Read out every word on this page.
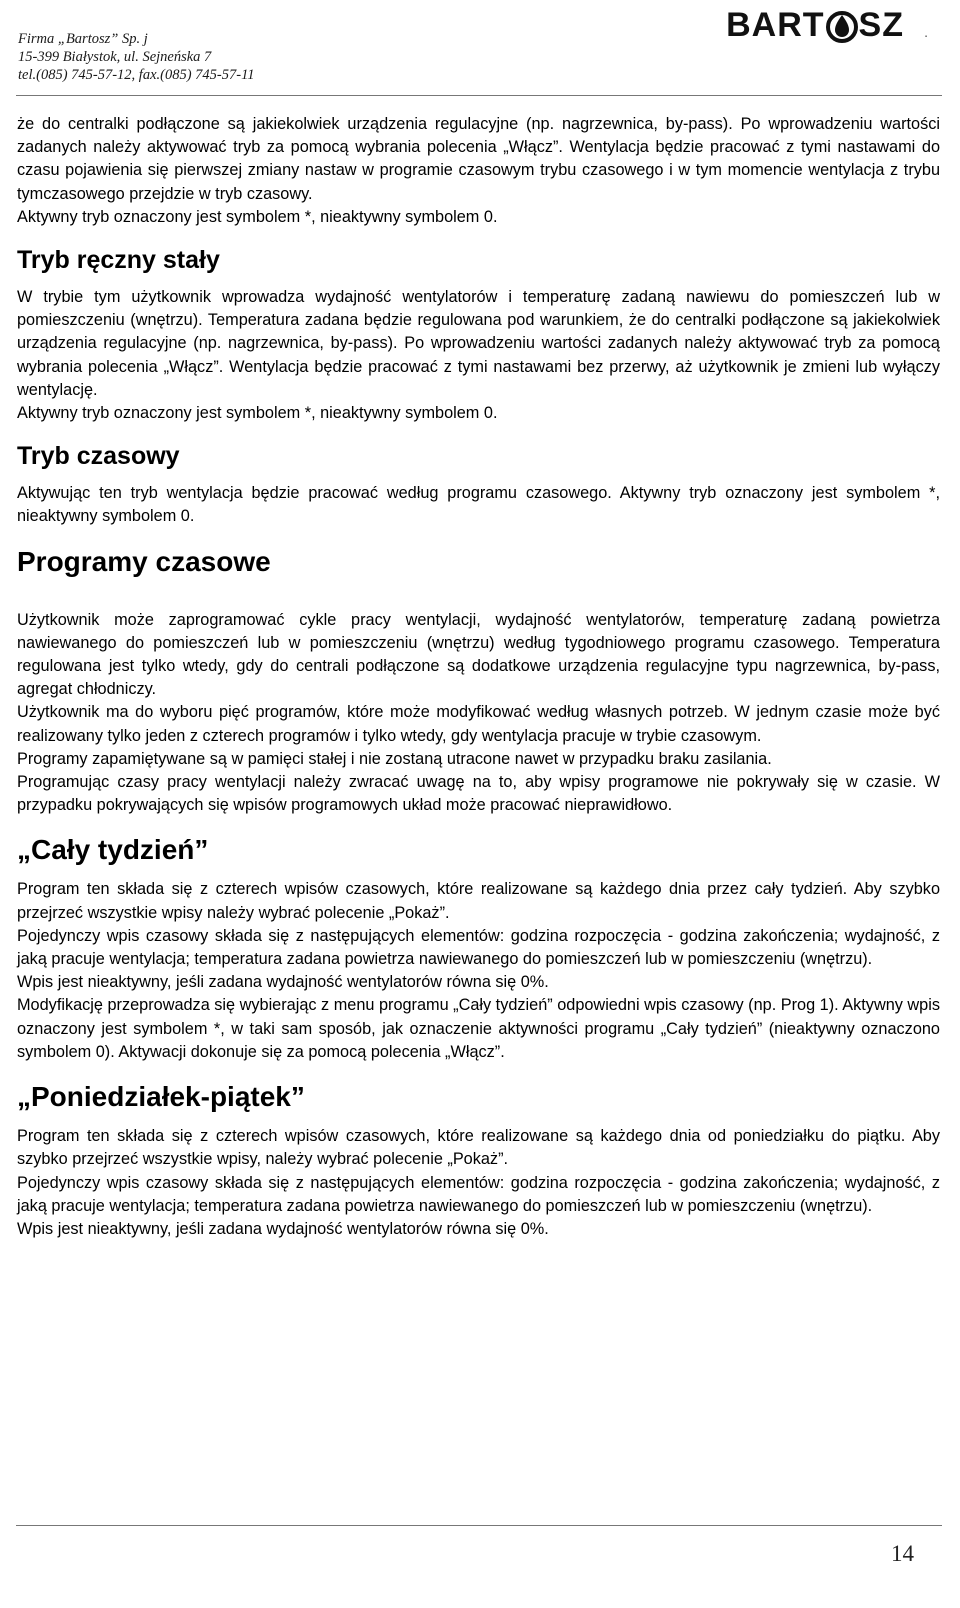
Firma „Bartosz” Sp. j
15-399 Białystok, ul. Sejneńska 7
tel.(085) 745-57-12, fax.(085) 745-57-11
BART SZ .

że do centralki podłączone są jakiekolwiek urządzenia regulacyjne (np. nagrzewnica, by-pass). Po wprowadzeniu wartości zadanych należy aktywować tryb za pomocą wybrania polecenia „Włącz”. Wentylacja będzie pracować z tymi nastawami do czasu pojawienia się pierwszej zmiany nastaw w programie czasowym trybu czasowego i w tym momencie wentylacja z trybu tymczasowego przejdzie w tryb czasowy.

Aktywny tryb oznaczony jest symbolem *, nieaktywny symbolem 0.

Tryb ręczny stały

W trybie tym użytkownik wprowadza wydajność wentylatorów i temperaturę zadaną nawiewu do pomieszczeń lub w pomieszczeniu (wnętrzu). Temperatura zadana będzie regulowana pod warunkiem, że do centralki podłączone są jakiekolwiek urządzenia regulacyjne (np. nagrzewnica, by-pass). Po wprowadzeniu wartości zadanych należy aktywować tryb za pomocą wybrania polecenia „Włącz”. Wentylacja będzie pracować z tymi nastawami bez przerwy, aż użytkownik je zmieni lub wyłączy wentylację.

Aktywny tryb oznaczony jest symbolem *, nieaktywny symbolem 0.

Tryb czasowy

Aktywując ten tryb wentylacja będzie pracować według programu czasowego. Aktywny tryb oznaczony jest symbolem *, nieaktywny symbolem 0.

Programy czasowe

Użytkownik może zaprogramować cykle pracy wentylacji, wydajność wentylatorów, temperaturę zadaną powietrza nawiewanego do pomieszczeń lub w pomieszczeniu (wnętrzu) według tygodniowego programu czasowego. Temperatura regulowana jest tylko wtedy, gdy do centrali podłączone są dodatkowe urządzenia regulacyjne typu nagrzewnica, by-pass, agregat chłodniczy.

Użytkownik ma do wyboru pięć programów, które może modyfikować według własnych potrzeb. W jednym czasie może być realizowany tylko jeden z czterech programów i tylko wtedy, gdy wentylacja pracuje w trybie czasowym.

Programy zapamiętywane są w pamięci stałej i nie zostaną utracone nawet w przypadku braku zasilania.

Programując czasy pracy wentylacji należy zwracać uwagę na to, aby wpisy programowe nie pokrywały się w czasie. W przypadku pokrywających się wpisów programowych układ może pracować nieprawidłowo.

„Cały tydzień”

Program ten składa się z czterech wpisów czasowych, które realizowane są każdego dnia przez cały tydzień. Aby szybko przejrzeć wszystkie wpisy należy wybrać polecenie „Pokaż”.

Pojedynczy wpis czasowy składa się z następujących elementów: godzina rozpoczęcia - godzina zakończenia; wydajność, z jaką pracuje wentylacja; temperatura zadana powietrza nawiewanego do pomieszczeń lub w pomieszczeniu (wnętrzu).

Wpis jest nieaktywny, jeśli zadana wydajność wentylatorów równa się 0%.

Modyfikację przeprowadza się wybierając z menu programu „Cały tydzień” odpowiedni wpis czasowy (np. Prog 1). Aktywny wpis oznaczony jest symbolem *, w taki sam sposób, jak oznaczenie aktywności programu „Cały tydzień” (nieaktywny oznaczono symbolem 0). Aktywacji dokonuje się za pomocą polecenia „Włącz”.

„Poniedziałek-piątek”

Program ten składa się z czterech wpisów czasowych, które realizowane są każdego dnia od poniedziałku do piątku. Aby szybko przejrzeć wszystkie wpisy, należy wybrać polecenie „Pokaż”.

Pojedynczy wpis czasowy składa się z następujących elementów: godzina rozpoczęcia - godzina zakończenia; wydajność, z jaką pracuje wentylacja; temperatura zadana powietrza nawiewanego do pomieszczeń lub w pomieszczeniu (wnętrzu).

Wpis jest nieaktywny, jeśli zadana wydajność wentylatorów równa się 0%.

14
